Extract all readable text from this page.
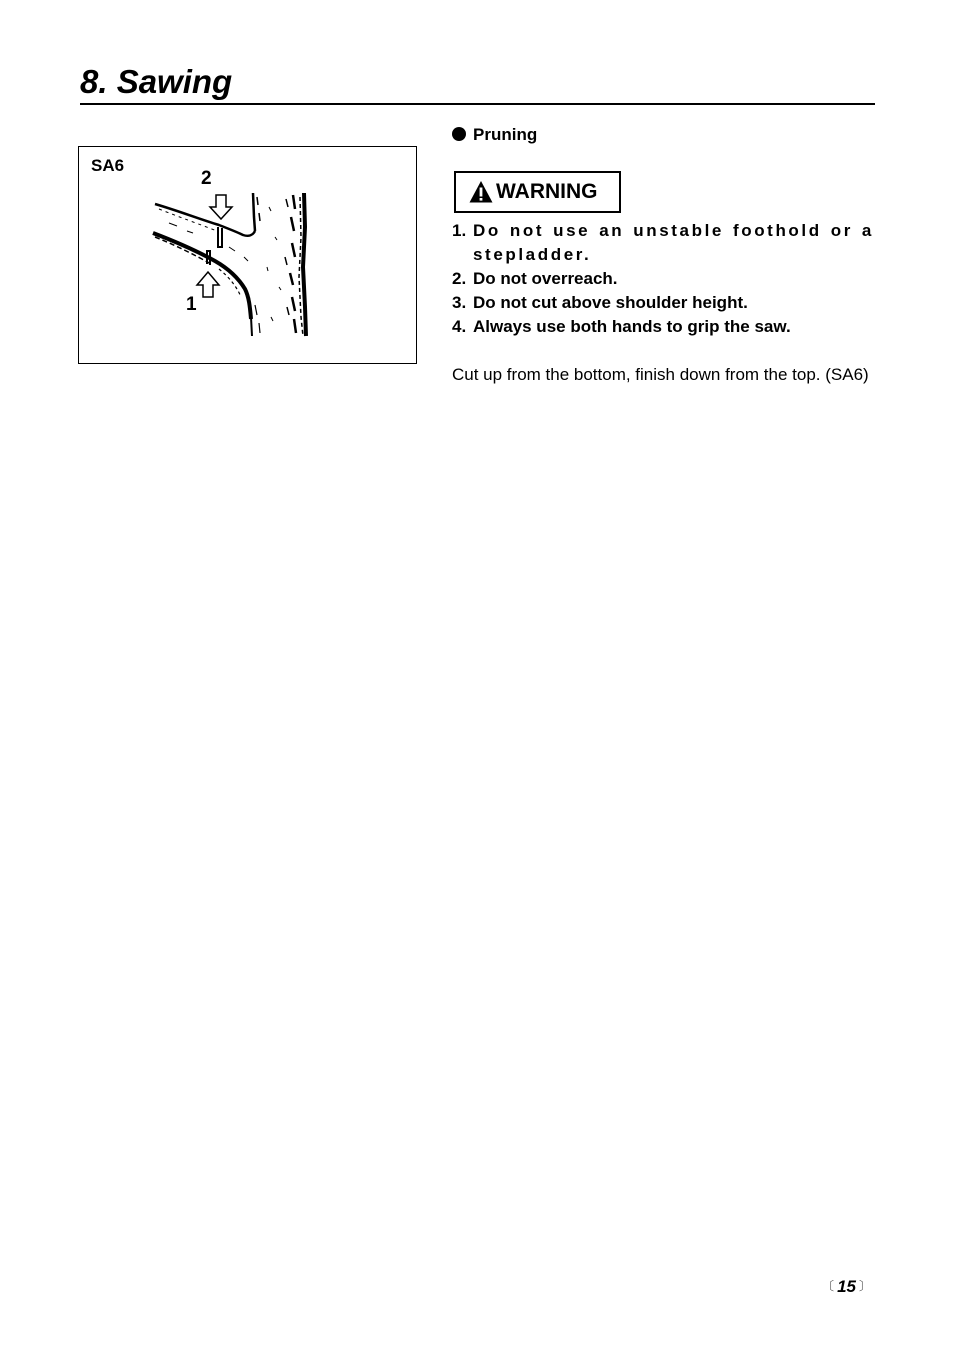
8. Sawing
SA6
2
1
Pruning
WARNING
1. Do not use an unstable foothold or a stepladder.
2. Do not overreach.
3. Do not cut above shoulder height.
4. Always use both hands to grip the saw.
Cut up from the bottom, finish down from the top. (SA6)
〔 15 〕
